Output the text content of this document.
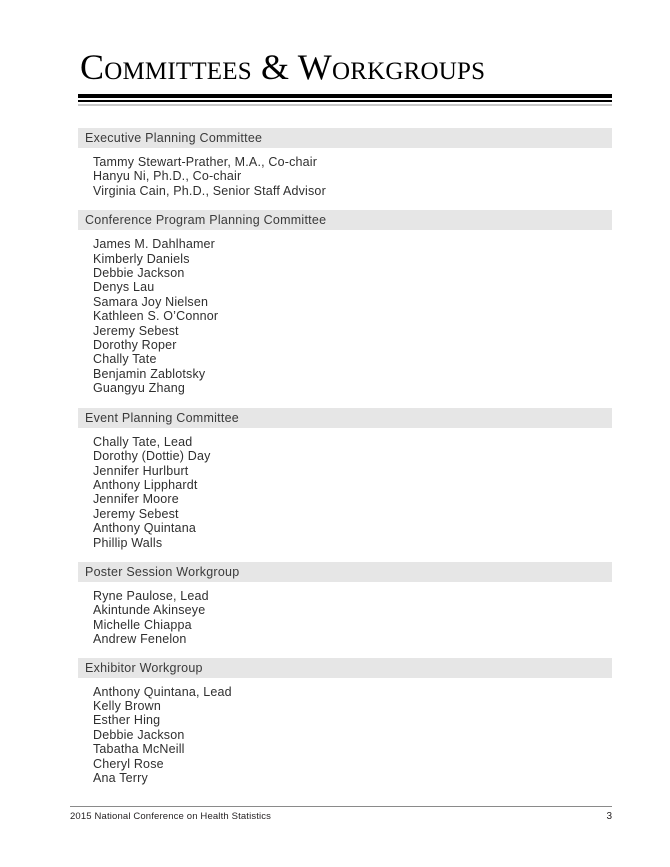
Committees & Workgroups
Executive Planning Committee
Tammy Stewart-Prather, M.A., Co-chair
Hanyu Ni, Ph.D., Co-chair
Virginia Cain, Ph.D., Senior Staff Advisor
Conference Program Planning Committee
James M. Dahlhamer
Kimberly Daniels
Debbie Jackson
Denys Lau
Samara Joy Nielsen
Kathleen S. O’Connor
Jeremy Sebest
Dorothy Roper
Chally Tate
Benjamin Zablotsky
Guangyu Zhang
Event Planning Committee
Chally Tate, Lead
Dorothy (Dottie) Day
Jennifer Hurlburt
Anthony Lipphardt
Jennifer Moore
Jeremy Sebest
Anthony Quintana
Phillip Walls
Poster Session Workgroup
Ryne Paulose, Lead
Akintunde Akinseye
Michelle Chiappa
Andrew Fenelon
Exhibitor Workgroup
Anthony Quintana, Lead
Kelly Brown
Esther Hing
Debbie Jackson
Tabatha McNeill
Cheryl Rose
Ana Terry
2015 National Conference on Health Statistics	3
